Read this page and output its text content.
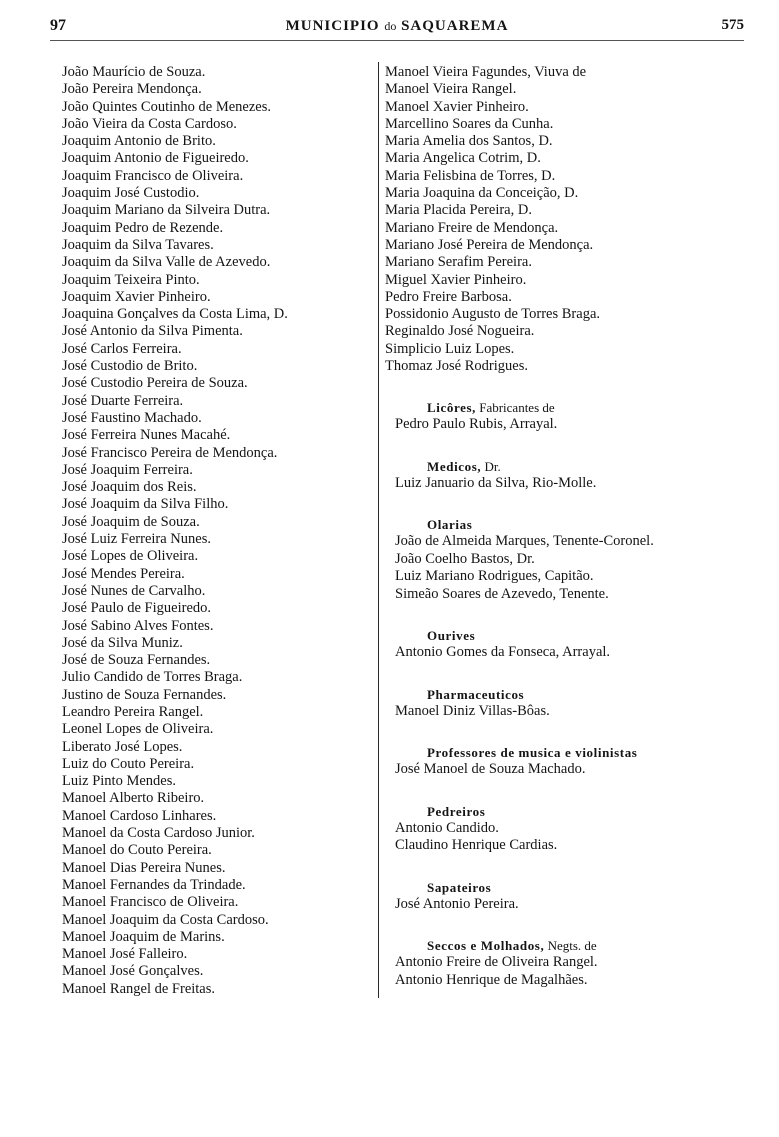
97	MUNICIPIO do SAQUAREMA	575
João Maurício de Souza.
João Pereira Mendonça.
João Quintes Coutinho de Menezes.
João Vieira da Costa Cardoso.
Joaquim Antonio de Brito.
Joaquim Antonio de Figueiredo.
Joaquim Francisco de Oliveira.
Joaquim José Custodio.
Joaquim Mariano da Silveira Dutra.
Joaquim Pedro de Rezende.
Joaquim da Silva Tavares.
Joaquim da Silva Valle de Azevedo.
Joaquim Teixeira Pinto.
Joaquim Xavier Pinheiro.
Joaquina Gonçalves da Costa Lima, D.
José Antonio da Silva Pimenta.
José Carlos Ferreira.
José Custodio de Brito.
José Custodio Pereira de Souza.
José Duarte Ferreira.
José Faustino Machado.
José Ferreira Nunes Macahé.
José Francisco Pereira de Mendonça.
José Joaquim Ferreira.
José Joaquim dos Reis.
José Joaquim da Silva Filho.
José Joaquim de Souza.
José Luiz Ferreira Nunes.
José Lopes de Oliveira.
José Mendes Pereira.
José Nunes de Carvalho.
José Paulo de Figueiredo.
José Sabino Alves Fontes.
José da Silva Muniz.
José de Souza Fernandes.
Julio Candido de Torres Braga.
Justino de Souza Fernandes.
Leandro Pereira Rangel.
Leonel Lopes de Oliveira.
Liberato José Lopes.
Luiz do Couto Pereira.
Luiz Pinto Mendes.
Manoel Alberto Ribeiro.
Manoel Cardoso Linhares.
Manoel da Costa Cardoso Junior.
Manoel do Couto Pereira.
Manoel Dias Pereira Nunes.
Manoel Fernandes da Trindade.
Manoel Francisco de Oliveira.
Manoel Joaquim da Costa Cardoso.
Manoel Joaquim de Marins.
Manoel José Falleiro.
Manoel José Gonçalves.
Manoel Rangel de Freitas.
Manoel Vieira Fagundes, Viuva de
Manoel Vieira Rangel.
Manoel Xavier Pinheiro.
Marcellino Soares da Cunha.
Maria Amelia dos Santos, D.
Maria Angelica Cotrim, D.
Maria Felisbina de Torres, D.
Maria Joaquina da Conceição, D.
Maria Placida Pereira, D.
Mariano Freire de Mendonça.
Mariano José Pereira de Mendonça.
Mariano Serafim Pereira.
Miguel Xavier Pinheiro.
Pedro Freire Barbosa.
Possidonio Augusto de Torres Braga.
Reginaldo José Nogueira.
Simplicio Luiz Lopes.
Thomaz José Rodrigues.
Licôres, Fabricantes de
Pedro Paulo Rubis, Arrayal.
Medicos, Dr.
Luiz Januario da Silva, Rio-Molle.
Olarias
João de Almeida Marques, Tenente-Coronel.
João Coelho Bastos, Dr.
Luiz Mariano Rodrigues, Capitão.
Simeão Soares de Azevedo, Tenente.
Ourives
Antonio Gomes da Fonseca, Arrayal.
Pharmaceuticos
Manoel Diniz Villas-Bôas.
Professores de musica e violinistas
José Manoel de Souza Machado.
Pedreiros
Antonio Candido.
Claudino Henrique Cardias.
Sapateiros
José Antonio Pereira.
Seccos e Molhados, Negts. de
Antonio Freire de Oliveira Rangel.
Antonio Henrique de Magalhães.
